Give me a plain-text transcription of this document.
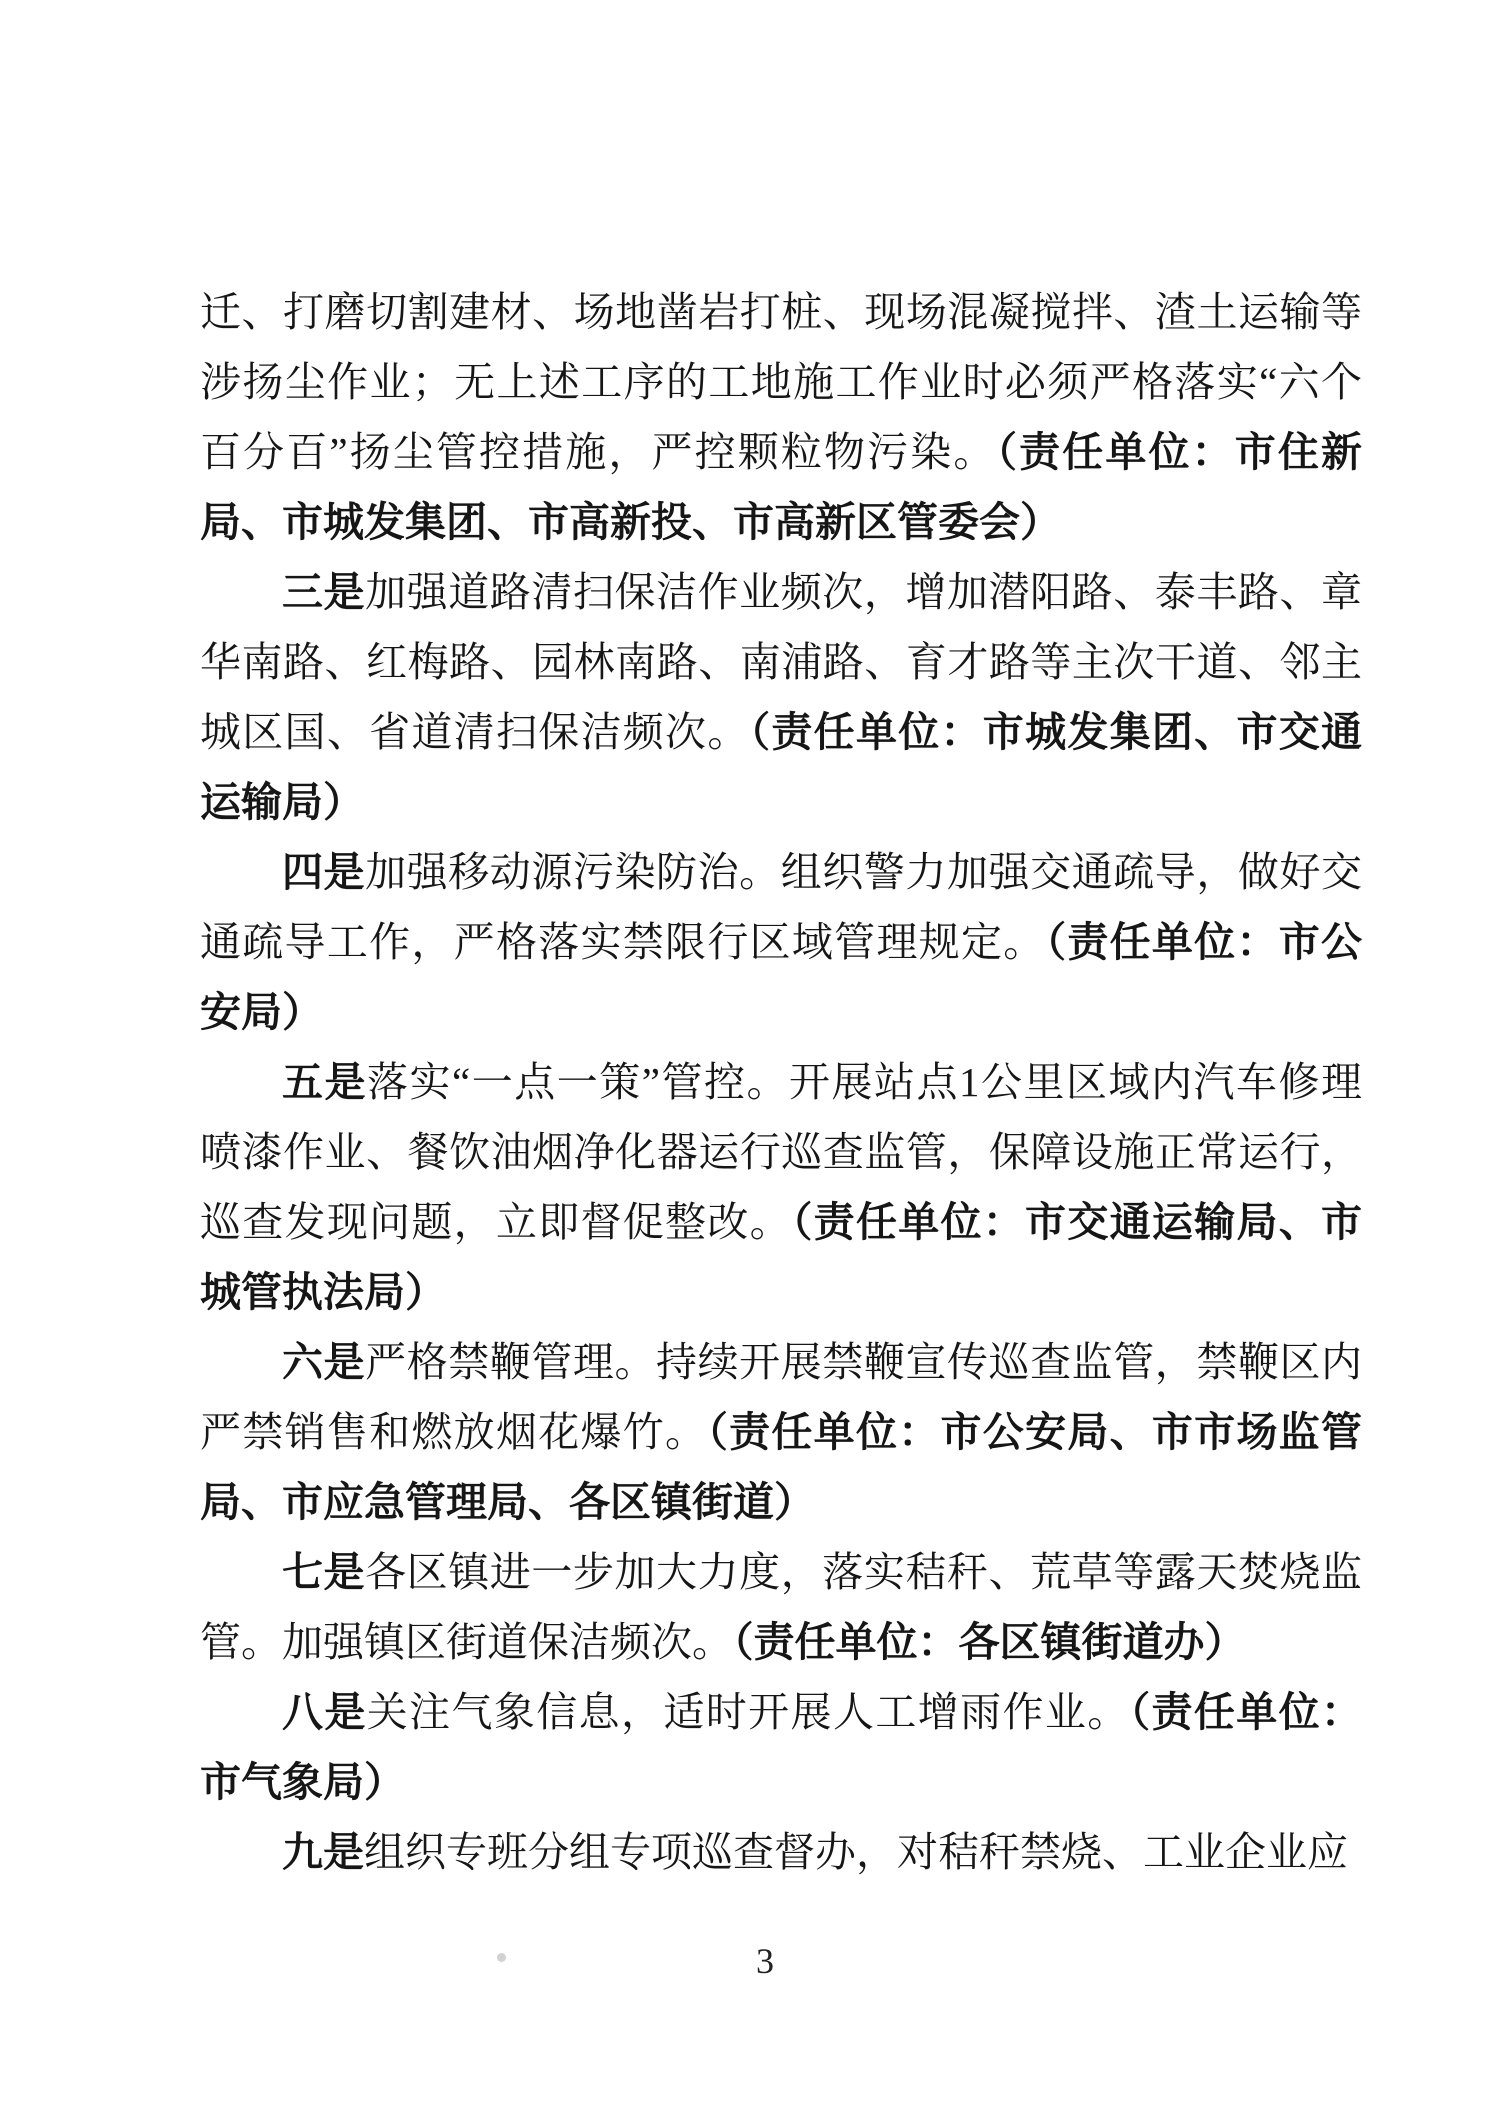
迁、打磨切割建材、场地凿岩打桩、现场混凝搅拌、渣土运输等涉扬尘作业；无上述工序的工地施工作业时必须严格落实“六个百分百”扬尘管控措施，严控颗粒物污染。（责任单位：市住新局、市城发集团、市高新投、市高新区管委会）

三是加强道路清扫保洁作业频次，增加潜阳路、泰丰路、章华南路、红梅路、园林南路、南浦路、育才路等主次干道、邻主城区国、省道清扫保洁频次。（责任单位：市城发集团、市交通运输局）

四是加强移动源污染防治。组织警力加强交通疏导，做好交通疏导工作，严格落实禁限行区域管理规定。（责任单位：市公安局）

五是落实“一点一策”管控。开展站点1公里区域内汽车修理喷漆作业、餐饮油烟净化器运行巡查监管，保障设施正常运行，巡查发现问题，立即督促整改。（责任单位：市交通运输局、市城管执法局）

六是严格禁鞭管理。持续开展禁鞭宣传巡查监管，禁鞭区内严禁销售和燃放烟花爆竹。（责任单位：市公安局、市市场监管局、市应急管理局、各区镇街道）

七是各区镇进一步加大力度，落实秸秆、荒草等露天焚烧监管。加强镇区街道保洁频次。（责任单位：各区镇街道办）

八是关注气象信息，适时开展人工增雨作业。（责任单位：市气象局）

九是组织专班分组专项巡查督办，对秸秆禁烧、工业企业应

3
